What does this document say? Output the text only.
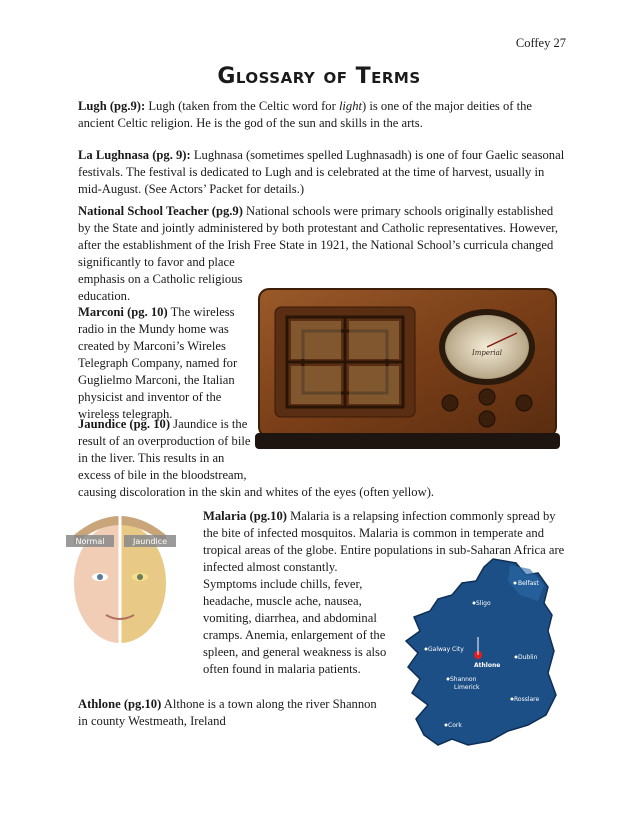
Coffey 27
Glossary of Terms
Lugh (pg.9): Lugh (taken from the Celtic word for light) is one of the major deities of the ancient Celtic religion. He is the god of the sun and skills in the arts.
La Lughnasa (pg. 9): Lughnasa (sometimes spelled Lughnasadh) is one of four Gaelic seasonal festivals. The festival is dedicated to Lugh and is celebrated at the time of harvest, usually in mid-August. (See Actors’ Packet for details.)
National School Teacher (pg.9) National schools were primary schools originally established by the State and jointly administered by both protestant and Catholic representatives. However, after the establishment of the Irish Free State in 1921, the National School’s curricula changed significantly to favor and place
emphasis on a Catholic religious education.
Marconi (pg. 10) The wireless radio in the Mundy home was created by Marconi’s Wireles Telegraph Company, named for Guglielmo Marconi, the Italian physicist and inventor of the wireless telegraph.
Jaundice (pg. 10) Jaundice is the result of an overproduction of bile in the liver. This results in an excess of bile in the bloodstream,
causing discoloration in the skin and whites of the eyes (often yellow).
Imperial
Normal	Jaundice
Malaria (pg.10) Malaria is a relapsing infection commonly spread by the bite of infected mosquitos. Malaria is common in temperate and tropical areas of the globe. Entire populations in sub-Saharan Africa are infected almost constantly.
Symptoms include chills, fever, headache, muscle ache, nausea, vomiting, diarrhea, and abdominal cramps. Anemia, enlargement of the spleen, and general weakness is also often found in malaria patients.
Athlone (pg.10) Althone is a town along the river Shannon in county Westmeath, Ireland
Belfast
Sligo
Galway City
Athlone
Dublin
Shannon
Limerick
Rosslare
Cork
